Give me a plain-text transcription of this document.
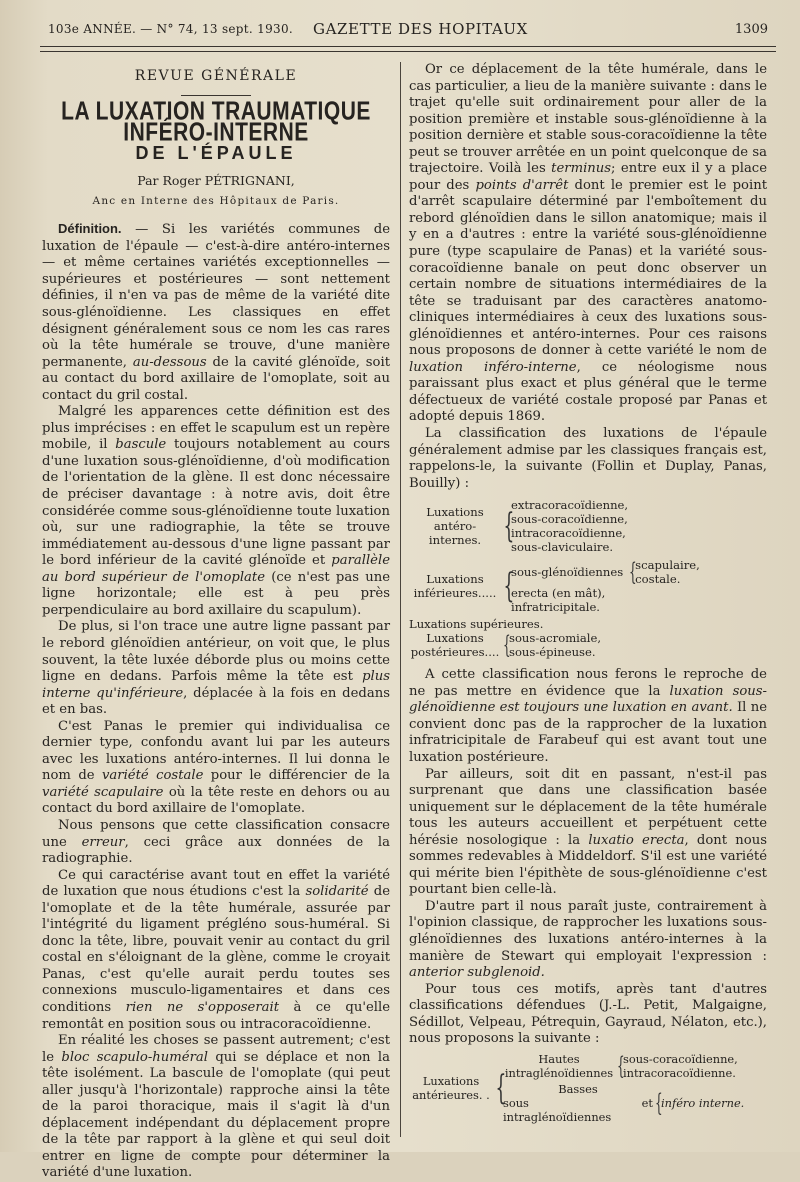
103e ANNÉE. — N° 74, 13 sept. 1930. GAZETTE DES HOPITAUX	1309
REVUE GÉNÉRALE
LA LUXATION TRAUMATIQUE INFÉRO-INTERNE
DE L'ÉPAULE
Par Roger PÉTRIGNANI,
Anc en Interne des Hôpitaux de Paris.

Définition. — Si les variétés communes de luxation de l'épaule — c'est-à-dire antéro-internes — et même certaines variétés exceptionnelles — supérieures et postérieures — sont nettement définies, il n'en va pas de même de la variété dite sous-glénoïdienne. Les classiques en effet désignent généralement sous ce nom les cas rares où la tête humérale se trouve, d'une manière permanente, au-dessous de la cavité glénoïde, soit au contact du bord axillaire de l'omoplate, soit au contact du gril costal.

Malgré les apparences cette définition est des plus imprécises : en effet le scapulum est un repère mobile, il bascule toujours notablement au cours d'une luxation sous-glénoïdienne, d'où modification de l'orientation de la glène. Il est donc nécessaire de préciser davantage : à notre avis, doit être considérée comme sous-glénoïdienne toute luxation où, sur une radiographie, la tête se trouve immédiatement au-dessous d'une ligne passant par le bord inférieur de la cavité glénoïde et parallèle au bord supérieur de l'omoplate (ce n'est pas une ligne horizontale; elle est à peu près perpendiculaire au bord axillaire du scapulum).

De plus, si l'on trace une autre ligne passant par le rebord glénoïdien antérieur, on voit que, le plus souvent, la tête luxée déborde plus ou moins cette ligne en dedans. Parfois même la tête est plus interne qu'inférieure, déplacée à la fois en dedans et en bas.

C'est Panas le premier qui individualisa ce dernier type, confondu avant lui par les auteurs avec les luxations antéro-internes. Il lui donna le nom de variété costale pour le différencier de la variété scapulaire où la tête reste en dehors ou au contact du bord axillaire de l'omoplate.

Nous pensons que cette classification consacre une erreur, ceci grâce aux données de la radiographie.

Ce qui caractérise avant tout en effet la variété de luxation que nous étudions c'est la solidarité de l'omoplate et de la tête humérale, assurée par l'intégrité du ligament prégléno sous-huméral. Si donc la tête, libre, pouvait venir au contact du gril costal en s'éloignant de la glène, comme le croyait Panas, c'est qu'elle aurait perdu toutes ses connexions musculo-ligamentaires et dans ces conditions rien ne s'opposerait à ce qu'elle remontât en position sous ou intracoracoïdienne.

En réalité les choses se passent autrement; c'est le bloc scapulo-huméral qui se déplace et non la tête isolément. La bascule de l'omoplate (qui peut aller jusqu'à l'horizontale) rapproche ainsi la tête de la paroi thoracique, mais il s'agit là d'un déplacement indépendant du déplacement propre de la tête par rapport à la glène et qui seul doit entrer en ligne de compte pour déterminer la variété d'une luxation.

Or ce déplacement de la tête humérale, dans le cas particulier, a lieu de la manière suivante : dans le trajet qu'elle suit ordinairement pour aller de la position première et instable sous-glénoïdienne à la position dernière et stable sous-coracoïdienne la tête peut se trouver arrêtée en un point quelconque de sa trajectoire. Voilà les terminus; entre eux il y a place pour des points d'arrêt dont le premier est le point d'arrêt scapulaire déterminé par l'emboîtement du rebord glénoïdien dans le sillon anatomique; mais il y en a d'autres : entre la variété sous-glénoïdienne pure (type scapulaire de Panas) et la variété sous-coracoïdienne banale on peut donc observer un certain nombre de situations intermédiaires de la tête se traduisant par des caractères anatomo-cliniques intermédiaires à ceux des luxations sous-glénoïdiennes et antéro-internes. Pour ces raisons nous proposons de donner à cette variété le nom de luxation inféro-interne, ce néologisme nous paraissant plus exact et plus général que le terme défectueux de variété costale proposé par Panas et adopté depuis 1869.

La classification des luxations de l'épaule généralement admise par les classiques français est, rappelons-le, la suivante (Follin et Duplay, Panas, Bouilly) :

Luxations antéro-internes. {
extracoracoïdienne,
sous-coracoïdienne,
intracoracoïdienne,
sous-claviculaire.
Luxations inférieures..... {
sous-glénoïdiennes {
scapulaire,
costale.
erecta (en mât),
infratricipitale.
Luxations supérieures.
Luxations postérieures.... {
sous-acromiale,
sous-épineuse.

A cette classification nous ferons le reproche de ne pas mettre en évidence que la luxation sous-glénoïdienne est toujours une luxation en avant. Il ne convient donc pas de la rapprocher de la luxation infratricipitale de Farabeuf qui est avant tout une luxation postérieure.

Par ailleurs, soit dit en passant, n'est-il pas surprenant que dans une classification basée uniquement sur le déplacement de la tête humérale tous les auteurs accueillent et perpétuent cette hérésie nosologique : la luxatio erecta, dont nous sommes redevables à Middeldorf. S'il est une variété qui mérite bien l'épithète de sous-glénoïdienne c'est pourtant bien celle-là.

D'autre part il nous paraît juste, contrairement à l'opinion classique, de rapprocher les luxations sous-glénoïdiennes des luxations antéro-internes à la manière de Stewart qui employait l'expression : anterior subglenoid.

Pour tous ces motifs, après tant d'autres classifications défendues (J.-L. Petit, Malgaigne, Sédillot, Velpeau, Pétrequin, Gayraud, Nélaton, etc.), nous proposons la suivante :

Luxations antérieures. . {
Hautes
intraglénoïdiennes {
sous-coracoïdienne,
intracoracoïdienne.
Basses
sous et intraglénoïdiennes	{
inféro interne.
